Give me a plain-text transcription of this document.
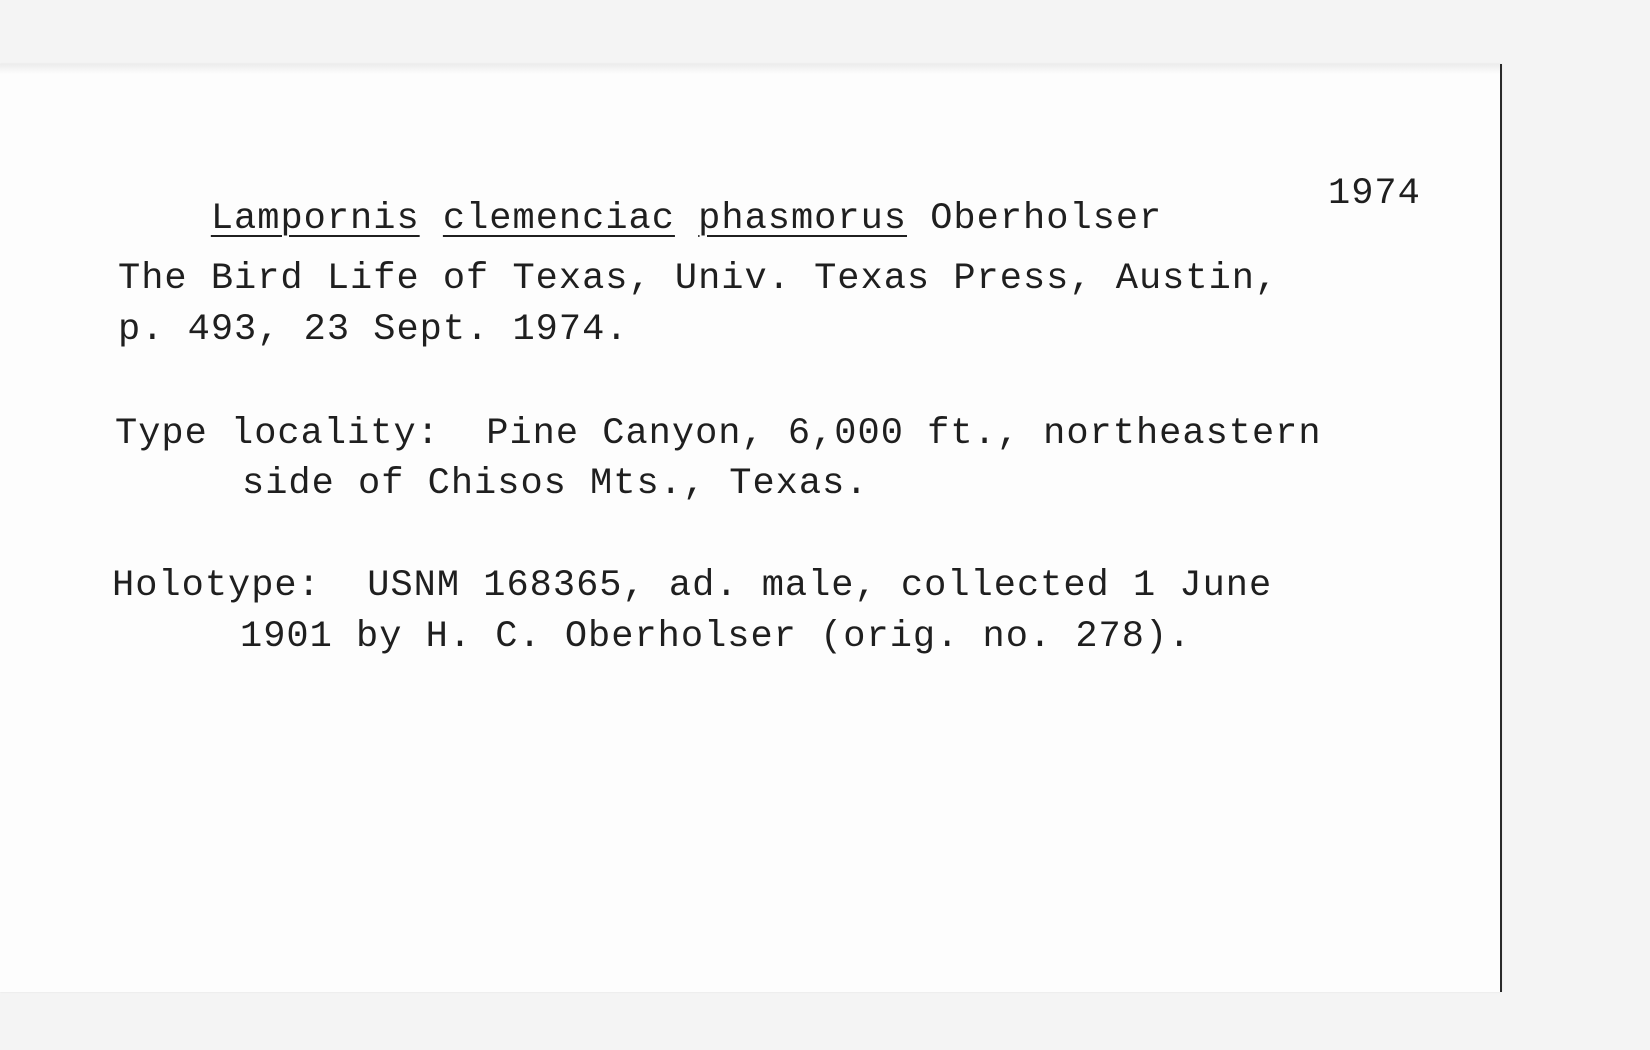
Lampornis clemenciac phasmorus Oberholser

1974
The Bird Life of Texas, Univ. Texas Press, Austin,
p. 493, 23 Sept. 1974.
Type locality:  Pine Canyon, 6,000 ft., northeastern
side of Chisos Mts., Texas.
Holotype:  USNM 168365, ad. male, collected 1 June
1901 by H. C. Oberholser (orig. no. 278).
